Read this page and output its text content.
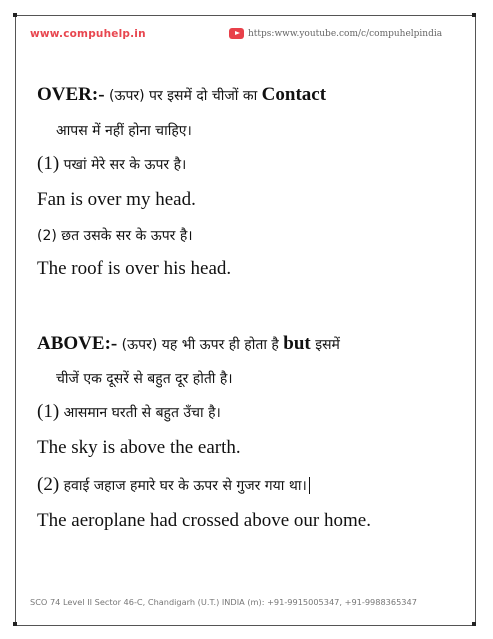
www.compuhelp.in	https:www.youtube.com/c/compuhelpindia
OVER:- (ऊपर) पर इसमें दो चीजों का Contact
आपस में नहीं होना चाहिए।
(1) पखां मेरे सर के ऊपर है।
Fan is over my head.
(2) छत उसके सर के ऊपर है।
The roof is over his head.
ABOVE:- (ऊपर) यह भी ऊपर ही होता है but इसमें
चीजें एक दूसरें से बहुत दूर होती है।
(1) आसमान घरती से बहुत उँचा है।
The sky is above the earth.
(2) हवाई जहाज हमारे घर के ऊपर से गुजर गया था।
The aeroplane had crossed above our home.
SCO 74 Level II Sector 46-C, Chandigarh (U.T.) INDIA (m): +91-9915005347, +91-9988365347
